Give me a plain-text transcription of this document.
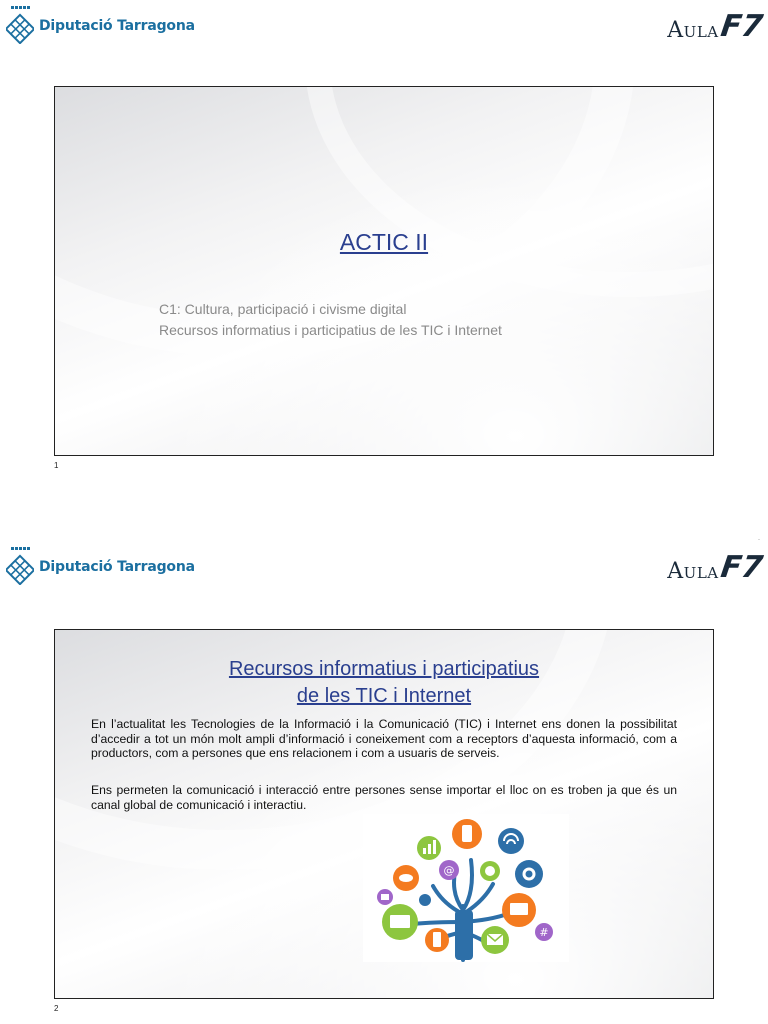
Diputació Tarragona	Aula F7
ACTIC II
C1: Cultura, participació i civisme digital
Recursos informatius i participatius de les TIC i Internet
1
·
Diputació Tarragona	Aula F7
Recursos informatius i participatius
de les TIC i Internet
En l’actualitat les Tecnologies de la Informació i la Comunicació (TIC) i Internet ens donen la possibilitat d’accedir a tot un món molt ampli d’informació i coneixement com a receptors d’aquesta informació, com a productors, com a persones que ens relacionem i com a usuaris de serveis.
Ens permeten la comunicació i interacció entre persones sense importar el lloc on es troben ja que és un canal global de comunicació i interactiu.
@
#
2
